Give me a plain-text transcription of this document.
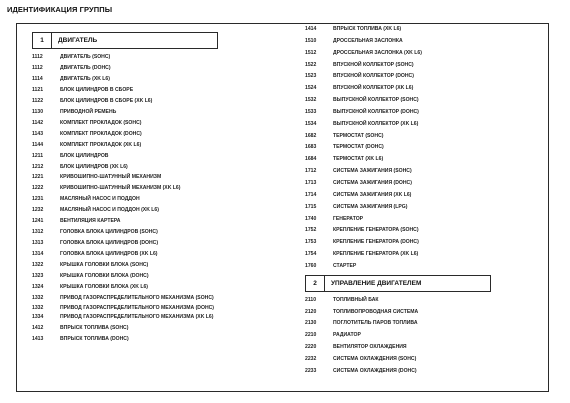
ИДЕНТИФИКАЦИЯ ГРУППЫ
1	ДВИГАТЕЛЬ
1112	ДВИГАТЕЛЬ (SOHC)
1112	ДВИГАТЕЛЬ (DOHC)
1114	ДВИГАТЕЛЬ (XK L6)
1121	БЛОК ЦИЛИНДРОВ В СБОРЕ
1122	БЛОК ЦИЛИНДРОВ В СБОРЕ (XK L6)
1130	ПРИВОДНОЙ РЕМЕНЬ
1142	КОМПЛЕКТ ПРОКЛАДОК (SOHC)
1143	КОМПЛЕКТ ПРОКЛАДОК (DOHC)
1144	КОМПЛЕКТ ПРОКЛАДОК (XK L6)
1211	БЛОК ЦИЛИНДРОВ
1212	БЛОК ЦИЛИНДРОВ (XK L6)
1221	КРИВОШИПНО-ШАТУННЫЙ МЕХАНИЗМ
1222	КРИВОШИПНО-ШАТУННЫЙ МЕХАНИЗМ (XK L6)
1231	МАСЛЯНЫЙ НАСОС И ПОДДОН
1232	МАСЛЯНЫЙ НАСОС И ПОДДОН (XK L6)
1241	ВЕНТИЛЯЦИЯ КАРТЕРА
1312	ГОЛОВКА БЛОКА ЦИЛИНДРОВ (SOHC)
1313	ГОЛОВКА БЛОКА ЦИЛИНДРОВ (DOHC)
1314	ГОЛОВКА БЛОКА ЦИЛИНДРОВ (XK L6)
1322	КРЫШКА ГОЛОВКИ БЛОКА (SOHC)
1323	КРЫШКА ГОЛОВКИ БЛОКА (DOHC)
1324	КРЫШКА ГОЛОВКИ БЛОКА (XK L6)
1332	ПРИВОД ГАЗОРАСПРЕДЕЛИТЕЛЬНОГО МЕХАНИЗМА (SOHC)
1332	ПРИВОД ГАЗОРАСПРЕДЕЛИТЕЛЬНОГО МЕХАНИЗМА (DOHC)
1334	ПРИВОД ГАЗОРАСПРЕДЕЛИТЕЛЬНОГО МЕХАНИЗМА (XK L6)
1412	ВПРЫСК ТОПЛИВА (SOHC)
1413	ВПРЫСК ТОПЛИВА (DOHC)
1414	ВПРЫСК ТОПЛИВА (XK L6)
1510	ДРОССЕЛЬНАЯ ЗАСЛОНКА
1512	ДРОССЕЛЬНАЯ ЗАСЛОНКА (XK L6)
1522	ВПУСКНОЙ КОЛЛЕКТОР (SOHC)
1523	ВПУСКНОЙ КОЛЛЕКТОР (DOHC)
1524	ВПУСКНОЙ КОЛЛЕКТОР (XK L6)
1532	ВЫПУСКНОЙ КОЛЛЕКТОР (SOHC)
1533	ВЫПУСКНОЙ КОЛЛЕКТОР (DOHC)
1534	ВЫПУСКНОЙ КОЛЛЕКТОР (XK L6)
1682	ТЕРМОСТАТ (SOHC)
1683	ТЕРМОСТАТ (DOHC)
1684	ТЕРМОСТАТ (XK L6)
1712	СИСТЕМА ЗАЖИГАНИЯ (SOHC)
1713	СИСТЕМА ЗАЖИГАНИЯ (DOHC)
1714	СИСТЕМА ЗАЖИГАНИЯ (XK L6)
1715	СИСТЕМА ЗАЖИГАНИЯ (LPG)
1740	ГЕНЕРАТОР
1752	КРЕПЛЕНИЕ ГЕНЕРАТОРА (SOHC)
1753	КРЕПЛЕНИЕ ГЕНЕРАТОРА (DOHC)
1754	КРЕПЛЕНИЕ ГЕНЕРАТОРА (XK L6)
1760	СТАРТЕР
2	УПРАВЛЕНИЕ ДВИГАТЕЛЕМ
2110	ТОПЛИВНЫЙ БАК
2120	ТОПЛИВОПРОВОДНАЯ СИСТЕМА
2130	ПОГЛОТИТЕЛЬ ПАРОВ ТОПЛИВА
2210	РАДИАТОР
2220	ВЕНТИЛЯТОР ОХЛАЖДЕНИЯ
2232	СИСТЕМА ОХЛАЖДЕНИЯ (SOHC)
2233	СИСТЕМА ОХЛАЖДЕНИЯ (DOHC)
